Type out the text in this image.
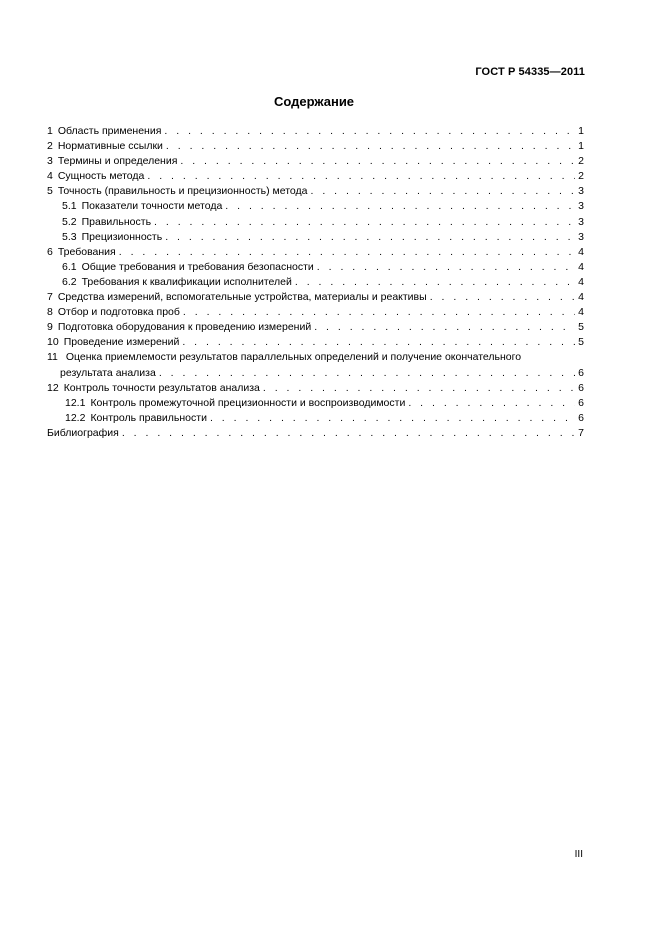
ГОСТ Р 54335—2011
Содержание
1 Область применения . . .	1
2 Нормативные ссылки . . .	1
3 Термины и определения . . .	2
4 Сущность метода . . .	2
5 Точность (правильность и прецизионность) метода . . .	3
5.1 Показатели точности метода . . .	3
5.2 Правильность . . .	3
5.3 Прецизионность . . .	3
6 Требования . . .	4
6.1 Общие требования и требования безопасности . . .	4
6.2 Требования к квалификации исполнителей . . .	4
7 Средства измерений, вспомогательные устройства, материалы и реактивы . . .	4
8 Отбор и подготовка проб . . .	4
9 Подготовка оборудования к проведению измерений . . .	5
10 Проведение измерений . . .	5
11 Оценка приемлемости результатов параллельных определений и получение окончательного
результата анализа . . .	6
12 Контроль точности результатов анализа . . .	6
12.1 Контроль промежуточной прецизионности и воспроизводимости . . .	6
12.2 Контроль правильности . . .	6
Библиография . . .	7
III
